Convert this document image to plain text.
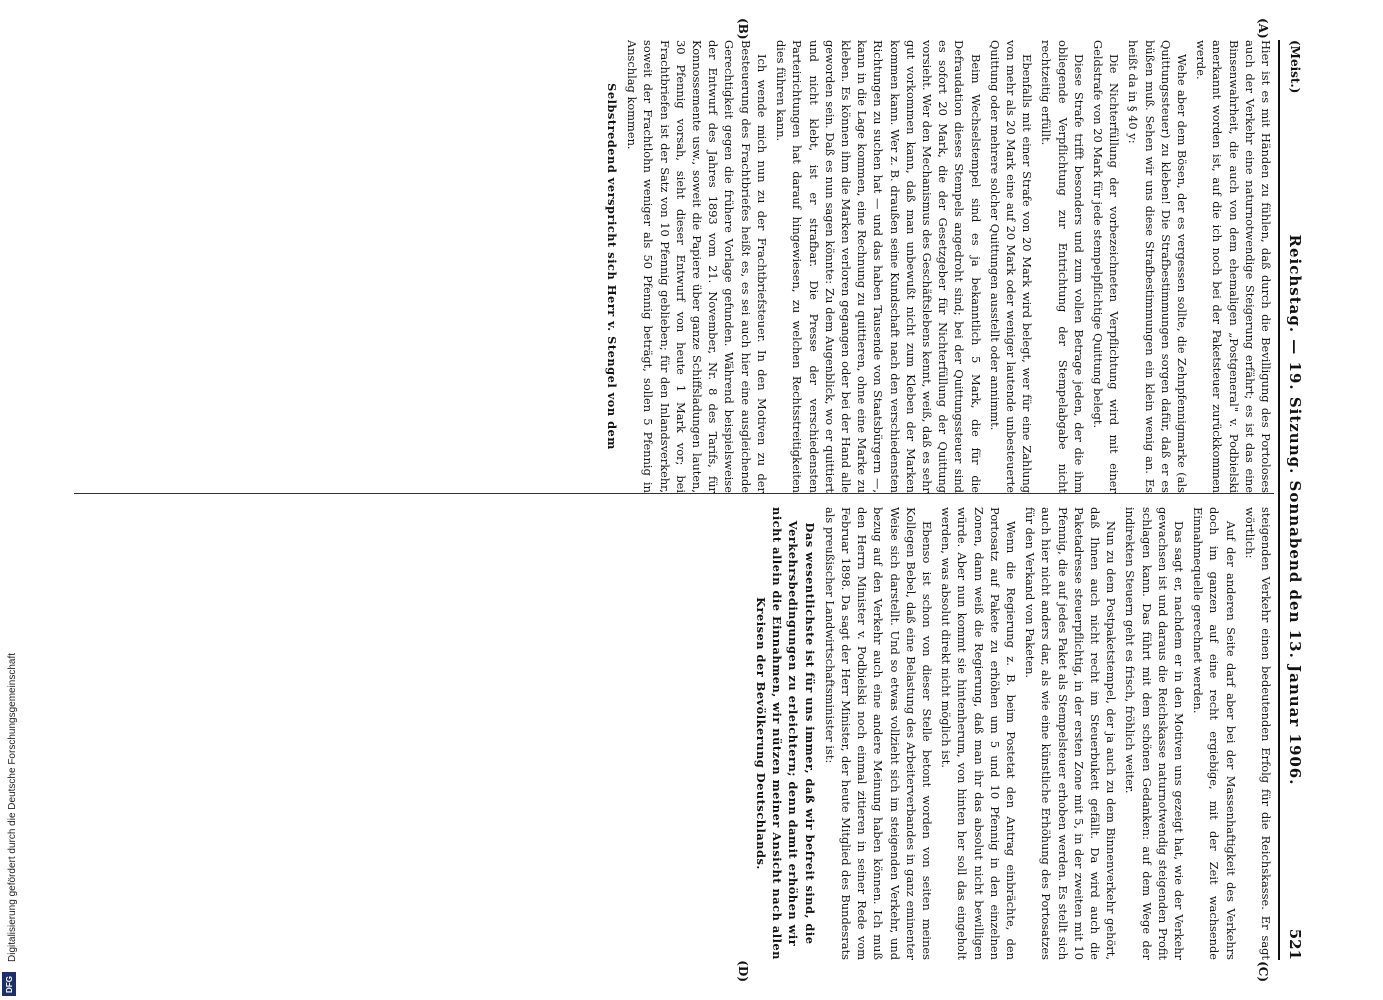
Digitalisierung gefördert durch die Deutsche Forschungsgemeinschaft
DFG
(Meist.)
Reichstag. — 19. Sitzung. Sonnabend den 13. Januar 1906.
521

Hier ist es mit Händen zu fühlen, daß durch die Bevilligung des Portoloses auch der Verkehr eine naturnotwendige Steigerung erfährt; es ist das eine Binsenwahrheit, die auch von dem ehemaligen „Postgeneral" v. Podbielski anerkannt worden ist, auf die ich noch bei der Paketsteuer zurückkommen werde.

Wehe aber dem Bösen, der es vergessen sollte, die Zehnpfennigmarke (als Quittungssteuer) zu kleben! Die Strafbestimmungen sorgen dafür, daß er es büßen muß. Sehen wir uns diese Strafbestimmungen ein klein wenig an. Es heißt da in § 40 y:

Die Nichterfüllung der vorbezeichneten Verpflichtung wird mit einer Geldstrafe von 20 Mark für jede stempelpflichtige Quittung belegt.

Diese Strafe trifft besonders und zum vollen Betrage jeden, der die ihm obliegende Verpflichtung zur Entrichtung der Stempelabgabe nicht rechtzeitig erfüllt.

Ebenfalls mit einer Strafe von 20 Mark wird belegt, wer für eine Zahlung von mehr als 20 Mark eine auf 20 Mark oder weniger lautende unbesteuerte Quittung oder mehrere solcher Quittungen ausstellt oder annimmt.

Beim Wechselstempel sind es ja bekanntlich 5 Mark, die für die Defraudation dieses Stempels angedroht sind; bei der Quittungssteuer sind es sofort 20 Mark, die der Gesetzgeber für Nichterfüllung der Quittung vorsieht. Wer den Mechanismus des Geschäftslebens kennt, weiß, daß es sehr gut vorkommen kann, daß man unbewußt nicht zum Kleben der Marken kommen kann. Wer z. B. draußen seine Kundschaft nach den verschiedensten Richtungen zu suchen hat — und das haben Tausende von Staatsbürgern —, kann in die Lage kommen, eine Rechnung zu quittieren, ohne eine Marke zu kleben. Es können ihm die Marken verloren gegangen oder bei der Hand alle geworden sein. Daß es nun sagen könnte: Zu dem Augenblick, wo er quittiert und nicht klebt, ist er strafbar. Die Presse der verschiedensten Parteirichtungen hat darauf hingewiesen, zu welchen Rechtsstreitigkeiten dies führen kann.

Ich wende mich nun zu der Frachtbriefsteuer. In den Motiven zu der Besteuerung des Frachtbriefes heißt es, es sei auch hier eine ausgleichende Gerechtigkeit gegen die frühere Vorlage gefunden. Während beispielsweise der Entwurf des Jahres 1893 vom 21. November, Nr. 8 des Tarifs, für Konnossemente usw., soweit die Papiere über ganze Schiffsladungen lauten, 30 Pfennig vorsah, sieht dieser Entwurf von heute 1 Mark vor; bei Frachtbriefen ist der Satz von 10 Pfennig geblieben; für den Inlandsverkehr, soweit der Frachtlohn weniger als 50 Pfennig beträgt, sollen 5 Pfennig in Anschlag kommen.

Selbstredend verspricht sich Herr v. Stengel von dem

steigenden Verkehr einen bedeutenden Erfolg für die Reichskasse. Er sagt wörtlich:

Auf der anderen Seite darf aber bei der Massenhaftigkeit des Verkehrs doch im ganzen auf eine recht ergiebige, mit der Zeit wachsende Einnahmequelle gerechnet werden.

Das sagt er, nachdem er in den Motiven uns gezeigt hat, wie der Verkehr gewachsen ist und daraus die Reichskasse naturnotwendig steigenden Profit schlagen kann. Das führt mit dem schönen Gedanken: auf dem Wege der indirekten Steuern geht es frisch, fröhlich weiter.

Nun zu dem Postpaketstempel, der ja auch zu dem Binnenverkehr gehört, daß Ihnen auch nicht recht im Steuerbukett gefällt. Da wird auch die Paketadresse steuerpflichtig, in der ersten Zone mit 5, in der zweiten mit 10 Pfennig, die auf jedes Paket als Stempelsteuer erhoben werden. Es stellt sich auch hier nicht anders dar, als wie eine künstliche Erhöhung des Portosatzes für den Verkand von Paketen.

Wenn die Regierung z. B. beim Postetat den Antrag einbrächte, den Portosatz auf Pakete zu erhöhen um 5 und 10 Pfennig in den einzelnen Zonen, dann weiß die Regierung, daß man ihr das absolut nicht bewilligen würde. Aber nun kommt sie hintenherum, von hinten her soll das eingeholt werden, was absolut direkt nicht möglich ist.

Ebenso ist schon von dieser Stelle betont worden von seiten meines Kollegen Bebel, daß eine Belastung des Arbeiterverbandes in ganz eminenter Weise sich darstellt. Und so etwas vollzieht sich im steigenden Verkehr, und bezug auf den Verkehr auch eine andere Meinung haben können. Ich muß den Herrn Minister v. Podbielski noch einmal zitieren in seiner Rede vom Februar 1898. Da sagt der Herr Minister, der heute Mitglied des Bundesrats als preußischer Landwirtschaftsminister ist:

Das wesentlichste ist für uns immer, daß wir befreit sind, die Verkehrsbedingungen zu erleichtern; denn damit erhöhen wir nicht allein die Einnahmen, wir nützen meiner Ansicht nach allen Kreisen der Bevölkerung Deutschlands.

(A)
(B)
(C)
(D)
